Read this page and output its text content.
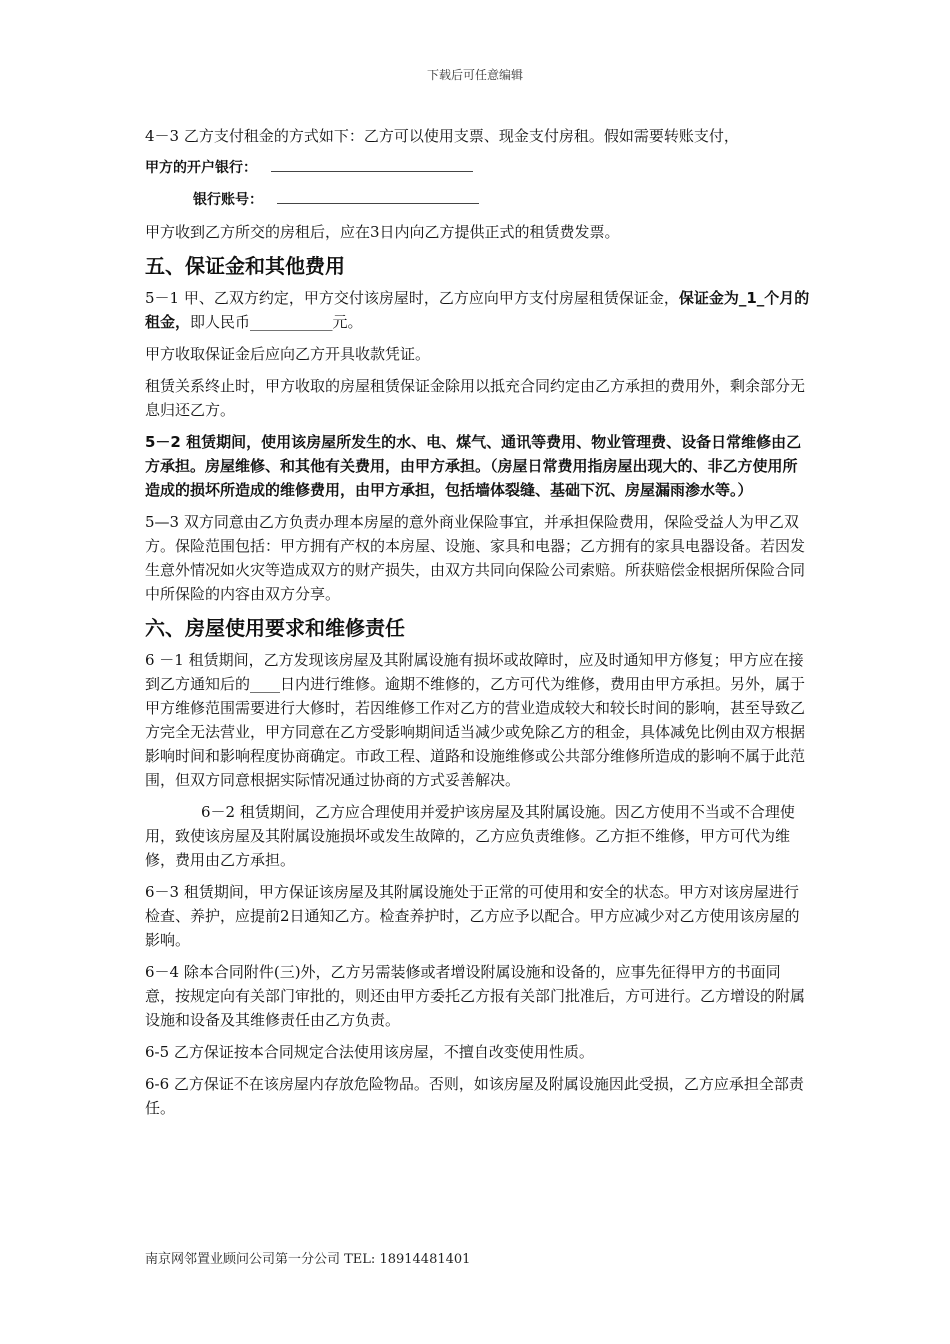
下载后可任意编辑

4－3 乙方支付租金的方式如下：乙方可以使用支票、现金支付房租。假如需要转账支付，

甲方的开户银行：

银行账号：

甲方收到乙方所交的房租后，应在3日内向乙方提供正式的租赁费发票。

五、保证金和其他费用

5－1 甲、乙双方约定，甲方交付该房屋时，乙方应向甲方支付房屋租赁保证金，保证金为_1_个月的租金，即人民币___________元。

甲方收取保证金后应向乙方开具收款凭证。

租赁关系终止时，甲方收取的房屋租赁保证金除用以抵充合同约定由乙方承担的费用外，剩余部分无息归还乙方。

5－2 租赁期间，使用该房屋所发生的水、电、煤气、通讯等费用、物业管理费、设备日常维修由乙方承担。房屋维修、和其他有关费用，由甲方承担。（房屋日常费用指房屋出现大的、非乙方使用所造成的损坏所造成的维修费用，由甲方承担，包括墙体裂缝、基础下沉、房屋漏雨渗水等。）

5—3 双方同意由乙方负责办理本房屋的意外商业保险事宜，并承担保险费用，保险受益人为甲乙双方。保险范围包括：甲方拥有产权的本房屋、设施、家具和电器；乙方拥有的家具电器设备。若因发生意外情况如火灾等造成双方的财产损失，由双方共同向保险公司索赔。所获赔偿金根据所保险合同中所保险的内容由双方分享。

六、房屋使用要求和维修责任

6 －1 租赁期间，乙方发现该房屋及其附属设施有损坏或故障时，应及时通知甲方修复；甲方应在接到乙方通知后的____日内进行维修。逾期不维修的，乙方可代为维修，费用由甲方承担。另外，属于甲方维修范围需要进行大修时，若因维修工作对乙方的营业造成较大和较长时间的影响，甚至导致乙方完全无法营业，甲方同意在乙方受影响期间适当减少或免除乙方的租金，具体减免比例由双方根据影响时间和影响程度协商确定。市政工程、道路和设施维修或公共部分维修所造成的影响不属于此范围，但双方同意根据实际情况通过协商的方式妥善解决。

6－2 租赁期间，乙方应合理使用并爱护该房屋及其附属设施。因乙方使用不当或不合理使用，致使该房屋及其附属设施损坏或发生故障的，乙方应负责维修。乙方拒不维修，甲方可代为维修，费用由乙方承担。

6－3 租赁期间，甲方保证该房屋及其附属设施处于正常的可使用和安全的状态。甲方对该房屋进行检查、养护，应提前2日通知乙方。检查养护时，乙方应予以配合。甲方应减少对乙方使用该房屋的影响。

6－4 除本合同附件(三)外，乙方另需装修或者增设附属设施和设备的，应事先征得甲方的书面同意，按规定向有关部门审批的，则还由甲方委托乙方报有关部门批准后，方可进行。乙方增设的附属设施和设备及其维修责任由乙方负责。

6-5 乙方保证按本合同规定合法使用该房屋，不擅自改变使用性质。

6-6 乙方保证不在该房屋内存放危险物品。否则，如该房屋及附属设施因此受损，乙方应承担全部责任。

南京网邻置业顾问公司第一分公司 TEL: 18914481401
